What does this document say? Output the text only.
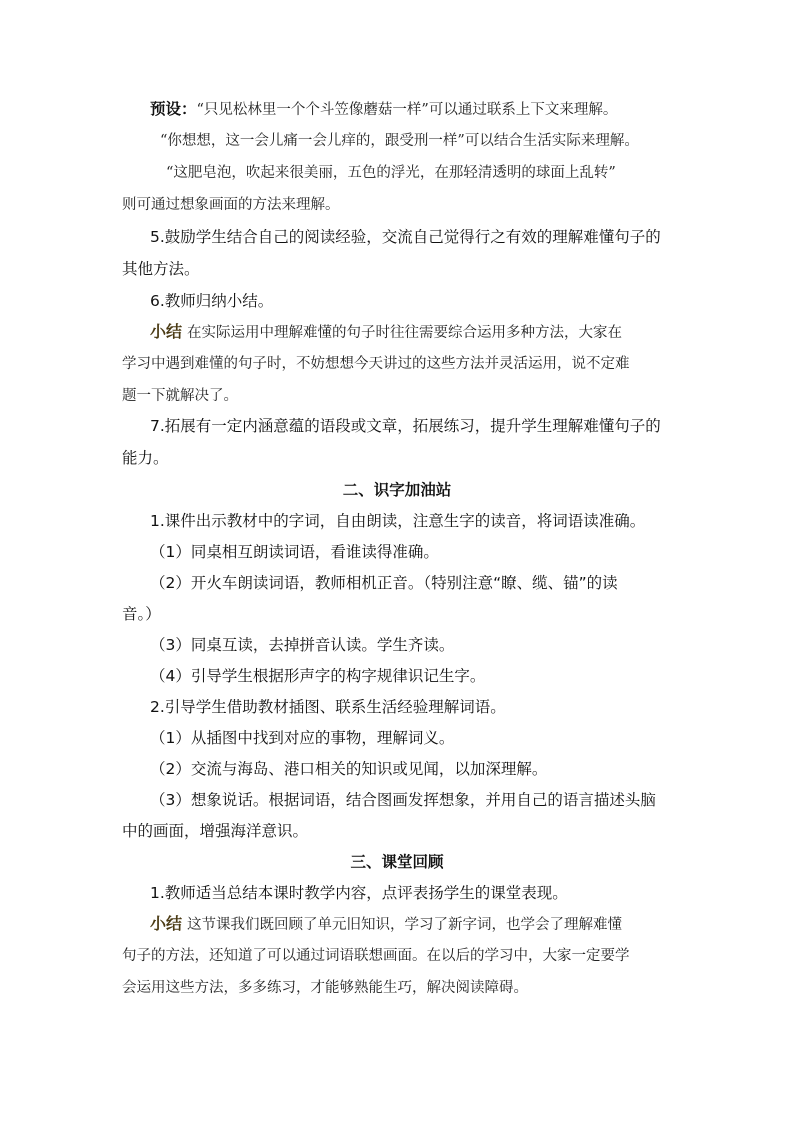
预设：“只见松林里一个个斗笠像蘑菇一样”可以通过联系上下文来理解。
“你想想，这一会儿痛一会儿痒的，跟受刑一样”可以结合生活实际来理解。
“这肥皂泡，吹起来很美丽，五色的浮光，在那轻清透明的球面上乱转”
则可通过想象画面的方法来理解。
5.鼓励学生结合自己的阅读经验，交流自己觉得行之有效的理解难懂句子的
其他方法。
6.教师归纳小结。
小结 在实际运用中理解难懂的句子时往往需要综合运用多种方法，大家在
学习中遇到难懂的句子时，不妨想想今天讲过的这些方法并灵活运用，说不定难
题一下就解决了。
7.拓展有一定内涵意蕴的语段或文章，拓展练习，提升学生理解难懂句子的
能力。
二、识字加油站
1.课件出示教材中的字词，自由朗读，注意生字的读音，将词语读准确。
（1）同桌相互朗读词语，看谁读得准确。
（2）开火车朗读词语，教师相机正音。（特别注意“瞭、缆、锚”的读
音。）
（3）同桌互读，去掉拼音认读。学生齐读。
（4）引导学生根据形声字的构字规律识记生字。
2.引导学生借助教材插图、联系生活经验理解词语。
（1）从插图中找到对应的事物，理解词义。
（2）交流与海岛、港口相关的知识或见闻，以加深理解。
（3）想象说话。根据词语，结合图画发挥想象，并用自己的语言描述头脑
中的画面，增强海洋意识。
三、课堂回顾
1.教师适当总结本课时教学内容，点评表扬学生的课堂表现。
小结 这节课我们既回顾了单元旧知识，学习了新字词，也学会了理解难懂
句子的方法，还知道了可以通过词语联想画面。在以后的学习中，大家一定要学
会运用这些方法，多多练习，才能够熟能生巧，解决阅读障碍。
